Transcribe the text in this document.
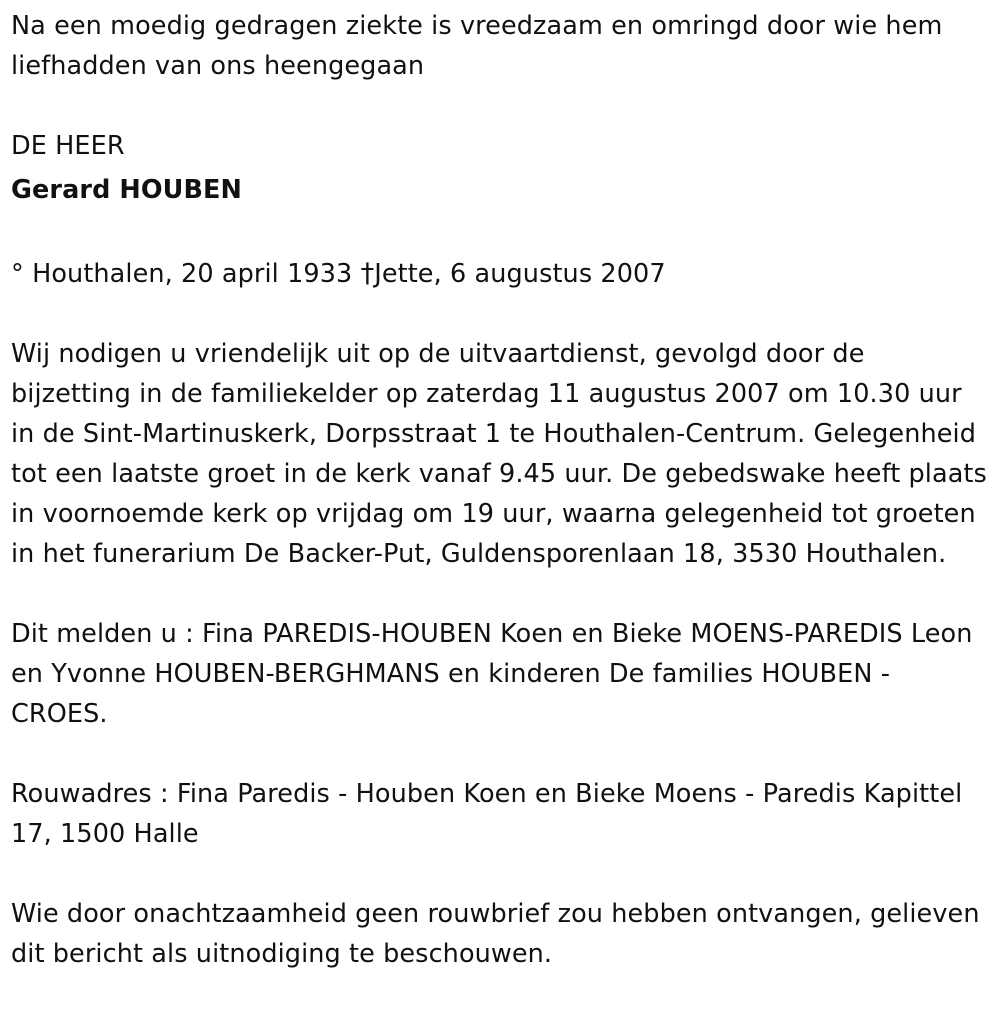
Na een moedig gedragen ziekte is vreedzaam en omringd door wie hem liefhadden van ons heengegaan

DE HEER

Gerard HOUBEN

° Houthalen, 20 april 1933 †Jette, 6 augustus 2007

Wij nodigen u vriendelijk uit op de uitvaartdienst, gevolgd door de bijzetting in de familiekelder op zaterdag 11 augustus 2007 om 10.30 uur in de Sint-Martinuskerk, Dorpsstraat 1 te Houthalen-Centrum. Gelegenheid tot een laatste groet in de kerk vanaf 9.45 uur. De gebedswake heeft plaats in voornoemde kerk op vrijdag om 19 uur, waarna gelegenheid tot groeten in het funerarium De Backer-Put, Guldensporenlaan 18, 3530 Houthalen.

Dit melden u : Fina PAREDIS-HOUBEN Koen en Bieke MOENS-PAREDIS Leon en Yvonne HOUBEN-BERGHMANS en kinderen De families HOUBEN - CROES.

Rouwadres : Fina Paredis - Houben Koen en Bieke Moens - Paredis Kapittel 17, 1500 Halle

Wie door onachtzaamheid geen rouwbrief zou hebben ontvangen, gelieven dit bericht als uitnodiging te beschouwen.
